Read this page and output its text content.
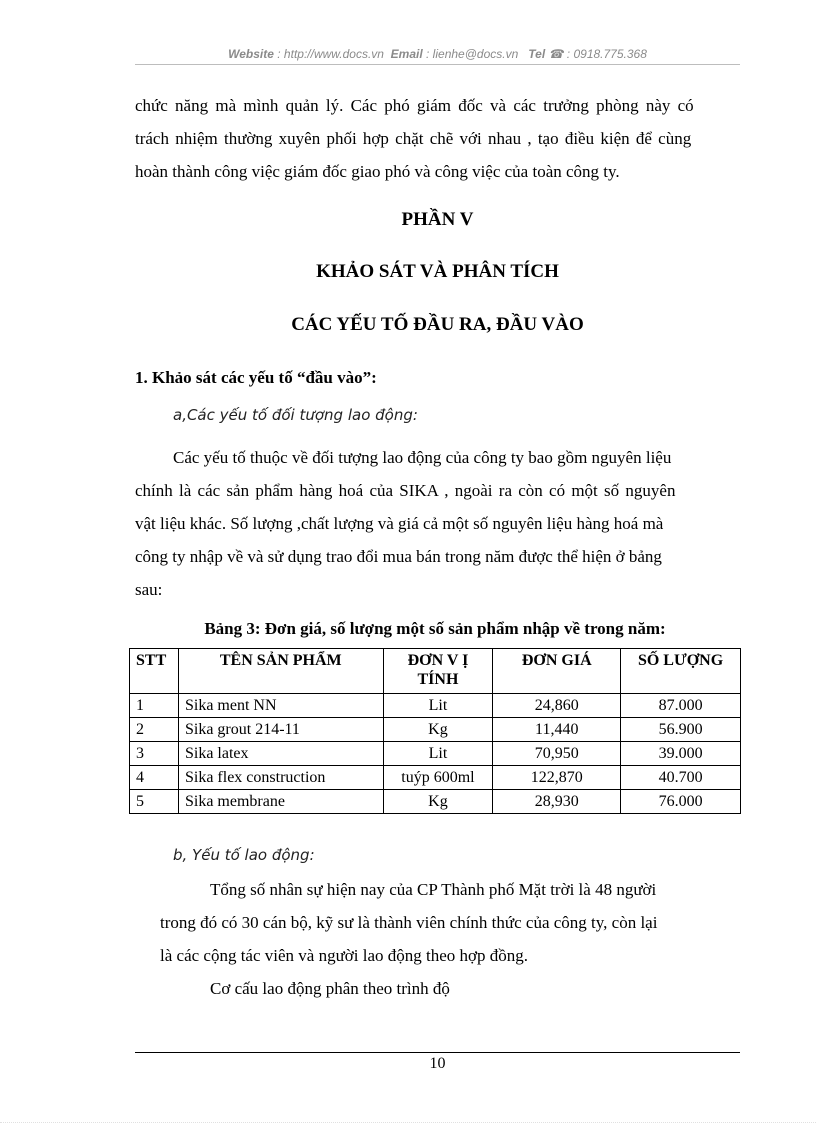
Website : http://www.docs.vn Email : lienhe@docs.vn Tel ☎ : 0918.775.368
chức năng mà mình quản lý. Các phó giám đốc và các trưởng phòng này có
trách nhiệm thường xuyên phối hợp chặt chẽ với nhau , tạo điều kiện để cùng
hoàn thành công việc giám đốc giao phó và công việc của toàn công ty.
PHẦN V
KHẢO SÁT VÀ PHÂN TÍCH
CÁC YẾU TỐ ĐẦU RA, ĐẦU VÀO
1. Khảo sát các yếu tố “đầu vào”:
a,Các yếu tố đối tượng lao động:
Các yếu tố thuộc về đối tượng lao động của công ty bao gồm nguyên liệu
chính là các sản phẩm hàng hoá của SIKA , ngoài ra còn có một số nguyên
vật liệu khác. Số lượng ,chất lượng và giá cả một số nguyên liệu hàng hoá mà
công ty nhập về và sử dụng trao đổi mua bán trong năm được thể hiện ở bảng
sau:
Bảng 3: Đơn giá, số lượng một số sản phẩm nhập về trong năm:
STT	TÊN SẢN PHẨM	ĐƠN V Ị TÍNH	ĐƠN GIÁ	SỐ LƯỢNG
1	Sika ment NN	Lit	24,860	87.000
2	Sika grout 214-11	Kg	11,440	56.900
3	Sika latex	Lit	70,950	39.000
4	Sika flex construction	tuýp 600ml	122,870	40.700
5	Sika membrane	Kg	28,930	76.000
b, Yếu tố lao động:
Tổng số nhân sự hiện nay của CP Thành phố Mặt trời là 48 người
trong đó có 30 cán bộ, kỹ sư là thành viên chính thức của công ty, còn lại
là các cộng tác viên và người lao động theo hợp đồng.
Cơ cấu lao động phân theo trình độ
10
